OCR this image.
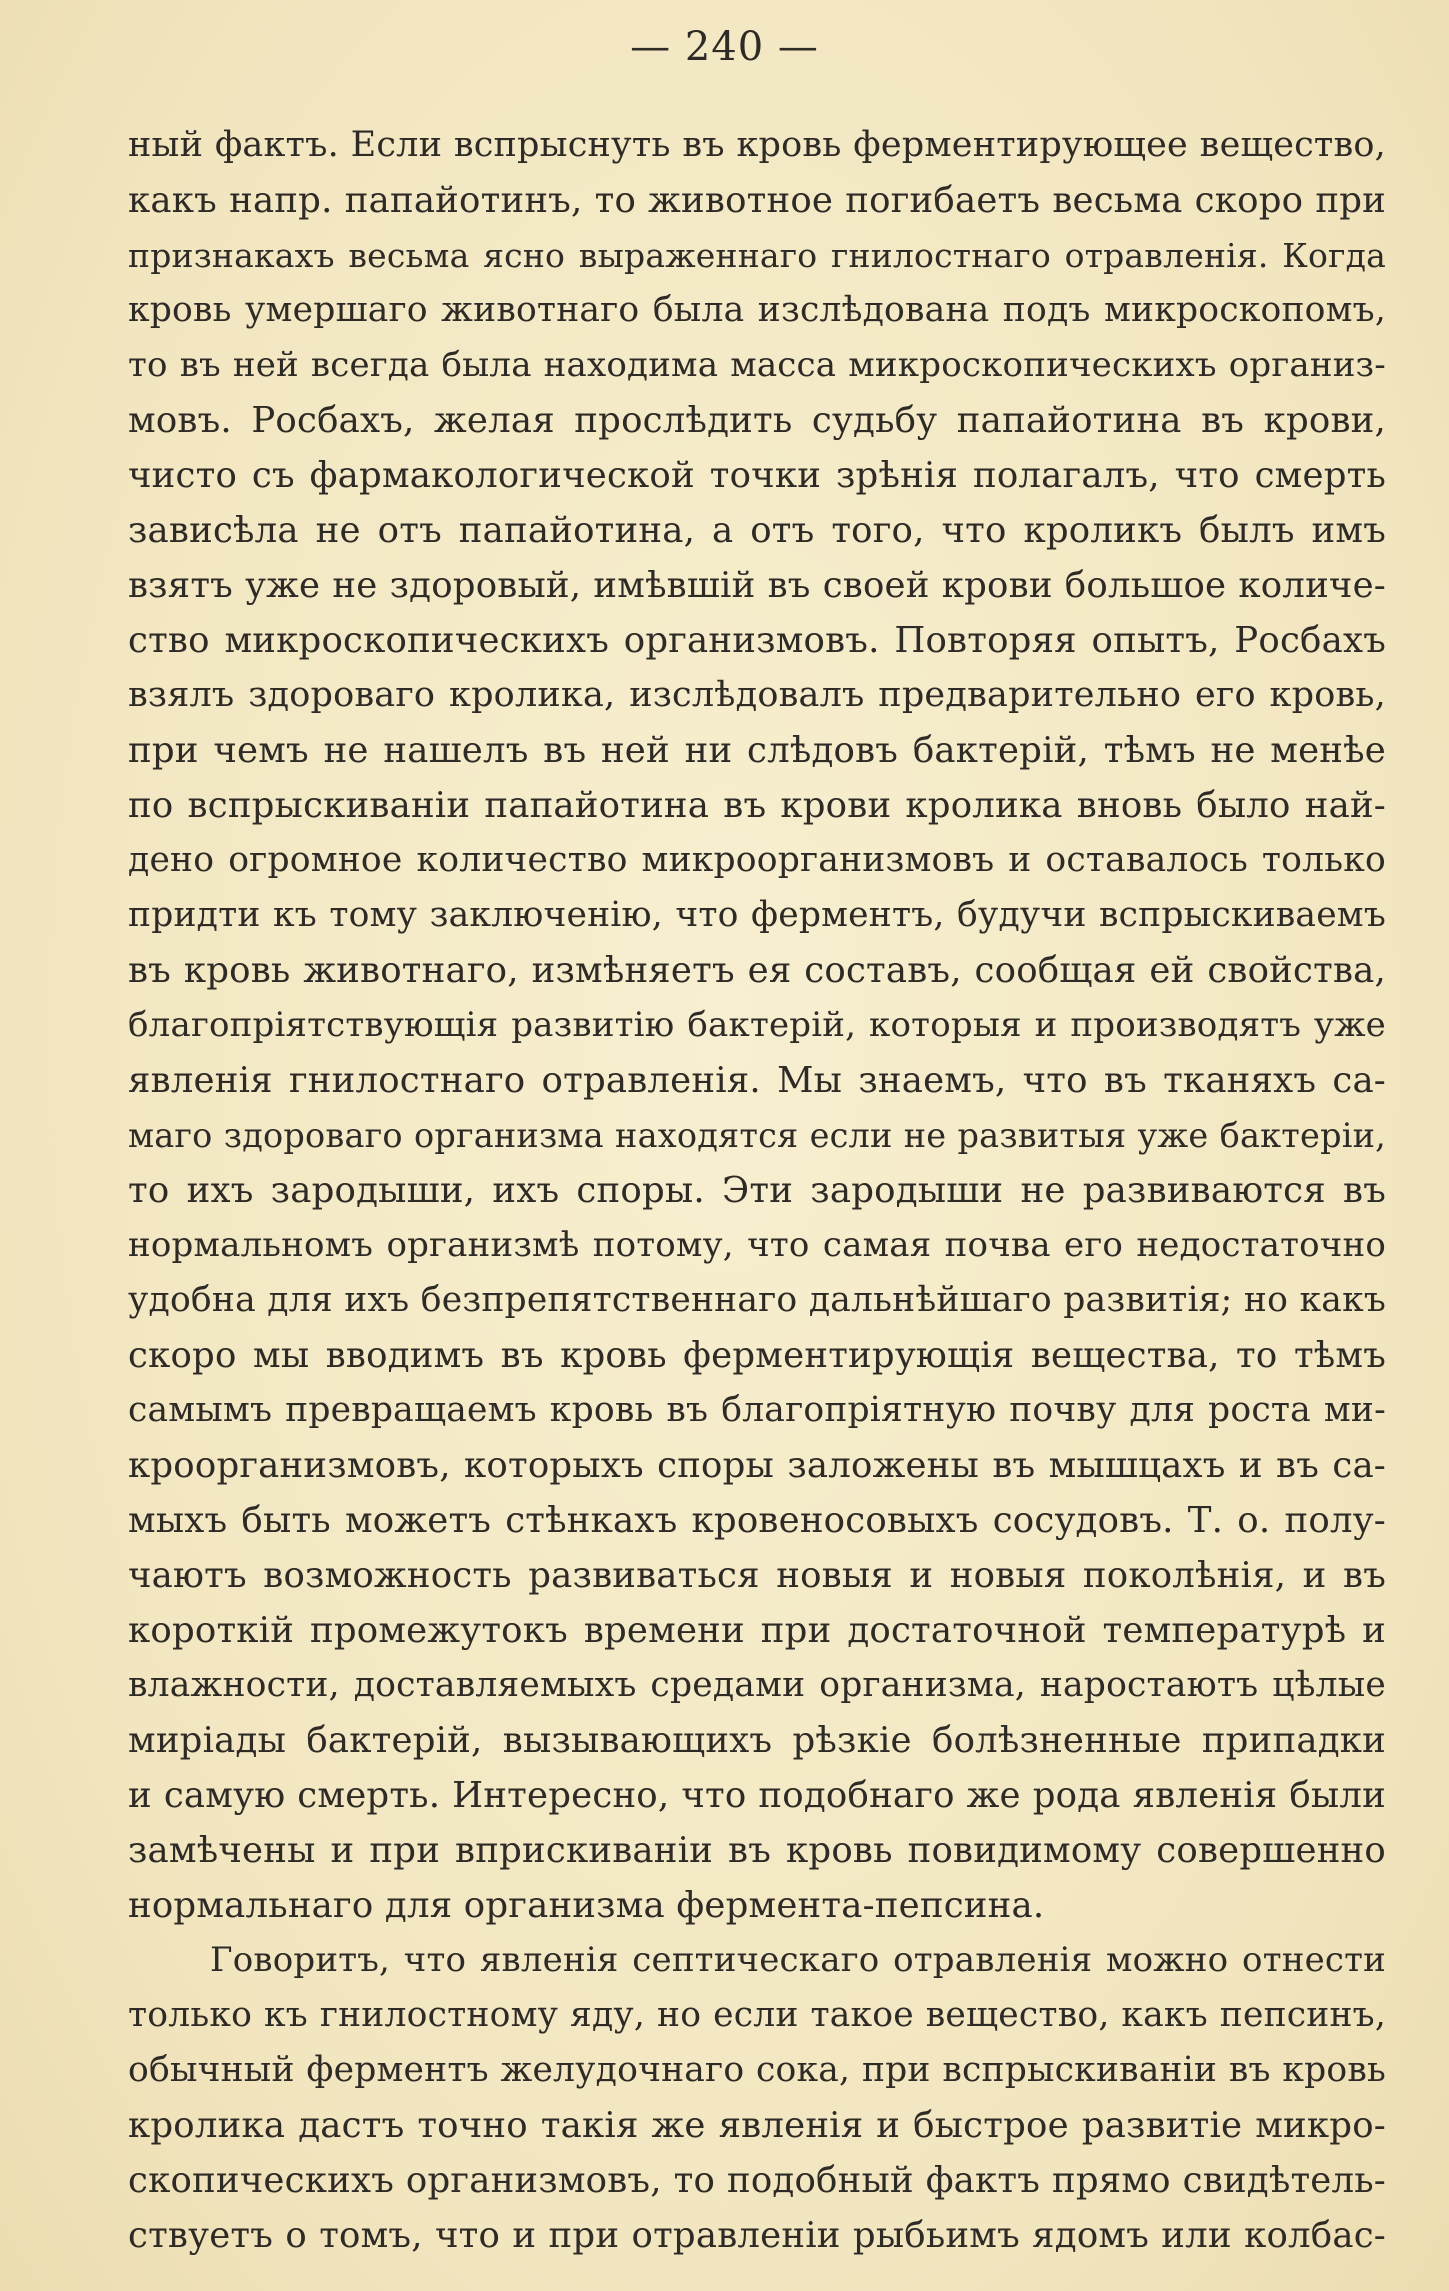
— 240 —
ный фактъ. Если вспрыснуть въ кровь ферментирующее вещество,
какъ напр. папайотинъ, то животное погибаетъ весьма скоро при
признакахъ весьма ясно выраженнаго гнилостнаго отравленія. Когда
кровь умершаго животнаго была изслѣдована подъ микроскопомъ,
то въ ней всегда была находима масса микроскопическихъ организ-
мовъ. Росбахъ, желая прослѣдить судьбу папайотина въ крови,
чисто съ фармакологической точки зрѣнія полагалъ, что смерть
зависѣла не отъ папайотина, а отъ того, что кроликъ былъ имъ
взятъ уже не здоровый, имѣвшій въ своей крови большое количе-
ство микроскопическихъ организмовъ. Повторяя опытъ, Росбахъ
взялъ здороваго кролика, изслѣдовалъ предварительно его кровь,
при чемъ не нашелъ въ ней ни слѣдовъ бактерій, тѣмъ не менѣе
по вспрыскиваніи папайотина въ крови кролика вновь было най-
дено огромное количество микроорганизмовъ и оставалось только
придти къ тому заключенію, что ферментъ, будучи вспрыскиваемъ
въ кровь животнаго, измѣняетъ ея составъ, сообщая ей свойства,
благопріятствующія развитію бактерій, которыя и производятъ уже
явленія гнилостнаго отравленія. Мы знаемъ, что въ тканяхъ са-
маго здороваго организма находятся если не развитыя уже бактеріи,
то ихъ зародыши, ихъ споры. Эти зародыши не развиваются въ
нормальномъ организмѣ потому, что самая почва его недостаточно
удобна для ихъ безпрепятственнаго дальнѣйшаго развитія; но какъ
скоро мы вводимъ въ кровь ферментирующія вещества, то тѣмъ
самымъ превращаемъ кровь въ благопріятную почву для роста ми-
кроорганизмовъ, которыхъ споры заложены въ мышцахъ и въ са-
мыхъ быть можетъ стѣнкахъ кровеносовыхъ сосудовъ. Т. о. полу-
чаютъ возможность развиваться новыя и новыя поколѣнія, и въ
короткій промежутокъ времени при достаточной температурѣ и
влажности, доставляемыхъ средами организма, наростаютъ цѣлые
миріады бактерій, вызывающихъ рѣзкіе болѣзненные припадки
и самую смерть. Интересно, что подобнаго же рода явленія были
замѣчены и при вприскиваніи въ кровь повидимому совершенно
нормальнаго для организма фермента-пепсина.
Говоритъ, что явленія септическаго отравленія можно отнести
только къ гнилостному яду, но если такое вещество, какъ пепсинъ,
обычный ферментъ желудочнаго сока, при вспрыскиваніи въ кровь
кролика дастъ точно такія же явленія и быстрое развитіе микро-
скопическихъ организмовъ, то подобный фактъ прямо свидѣтель-
ствуетъ о томъ, что и при отравленіи рыбьимъ ядомъ или колбас-
